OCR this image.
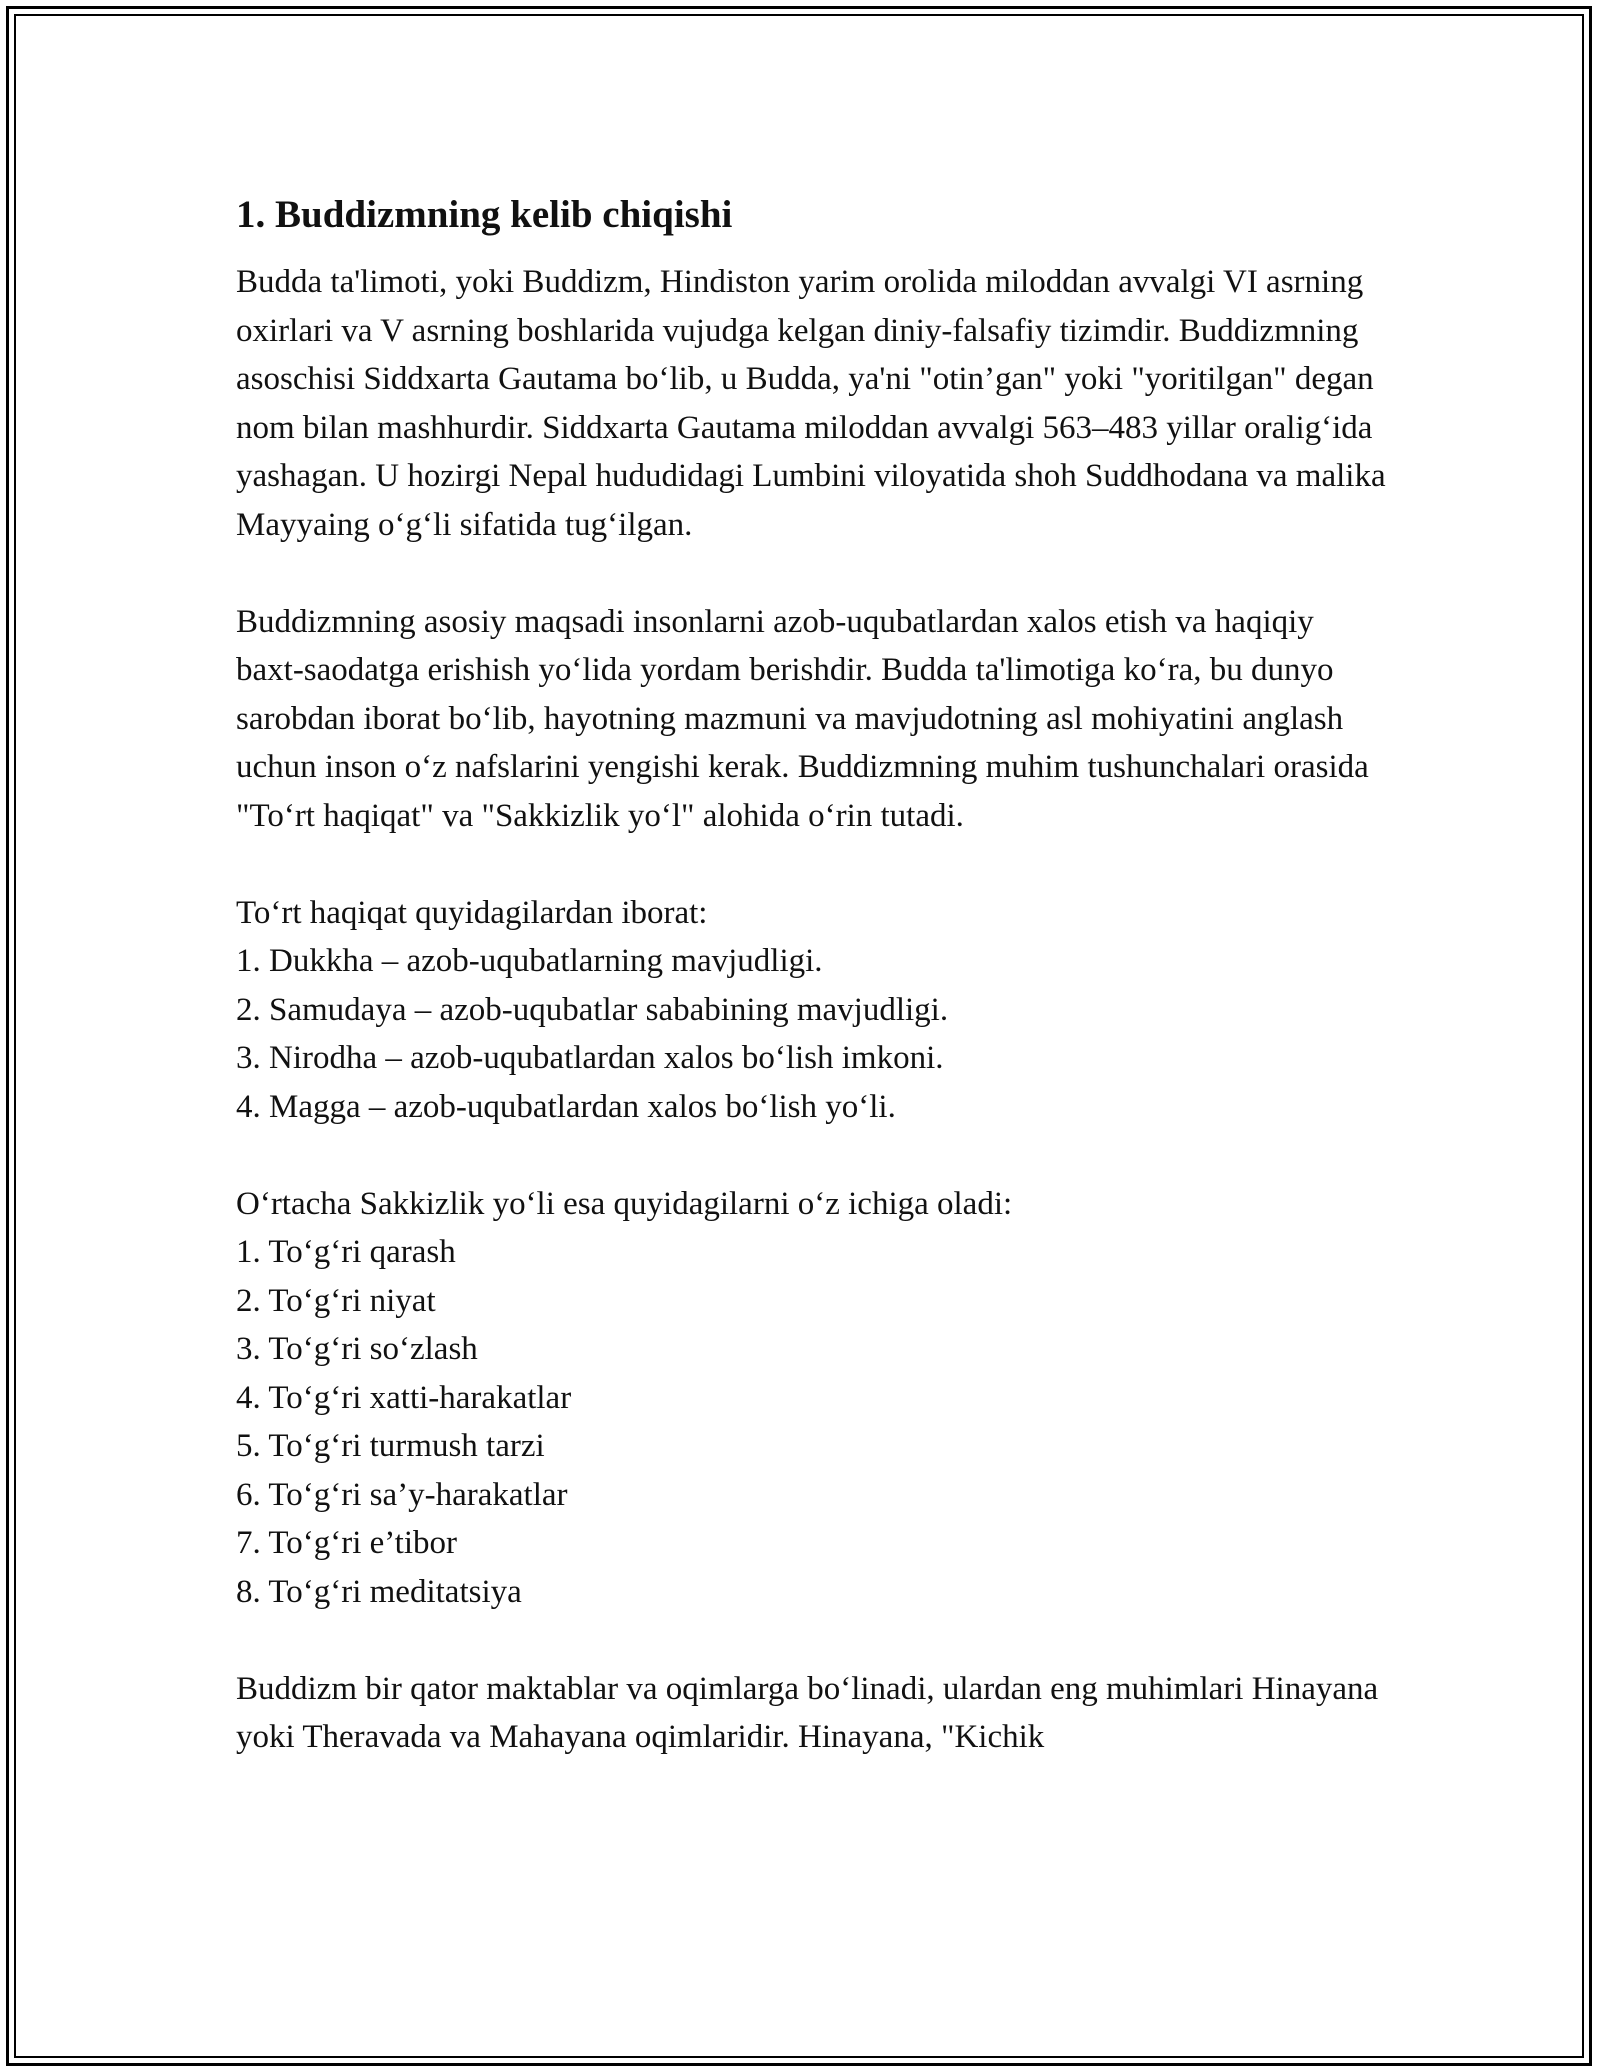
1. Buddizmning kelib chiqishi

Budda ta'limoti, yoki Buddizm, Hindiston yarim orolida miloddan avvalgi VI asrning oxirlari va V asrning boshlarida vujudga kelgan diniy-falsafiy tizimdir. Buddizmning asoschisi Siddxarta Gautama bo‘lib, u Budda, ya'ni "otin’gan" yoki "yoritilgan" degan nom bilan mashhurdir. Siddxarta Gautama miloddan avvalgi 563–483 yillar oralig‘ida yashagan. U hozirgi Nepal hududidagi Lumbini viloyatida shoh Suddhodana va malika Mayyaing o‘g‘li sifatida tug‘ilgan.

Buddizmning asosiy maqsadi insonlarni azob-uqubatlardan xalos etish va haqiqiy baxt-saodatga erishish yo‘lida yordam berishdir. Budda ta'limotiga ko‘ra, bu dunyo sarobdan iborat bo‘lib, hayotning mazmuni va mavjudotning asl mohiyatini anglash uchun inson o‘z nafslarini yengishi kerak. Buddizmning muhim tushunchalari orasida "To‘rt haqiqat" va "Sakkizlik yo‘l" alohida o‘rin tutadi.

To‘rt haqiqat quyidagilardan iborat:
1. Dukkha – azob-uqubatlarning mavjudligi.
2. Samudaya – azob-uqubatlar sababining mavjudligi.
3. Nirodha – azob-uqubatlardan xalos bo‘lish imkoni.
4. Magga – azob-uqubatlardan xalos bo‘lish yo‘li.
O‘rtacha Sakkizlik yo‘li esa quyidagilarni o‘z ichiga oladi:
1. To‘g‘ri qarash
2. To‘g‘ri niyat
3. To‘g‘ri so‘zlash
4. To‘g‘ri xatti-harakatlar
5. To‘g‘ri turmush tarzi
6. To‘g‘ri sa’y-harakatlar
7. To‘g‘ri e’tibor
8. To‘g‘ri meditatsiya

Buddizm bir qator maktablar va oqimlarga bo‘linadi, ulardan eng muhimlari Hinayana yoki Theravada va Mahayana oqimlaridir. Hinayana, "Kichik
